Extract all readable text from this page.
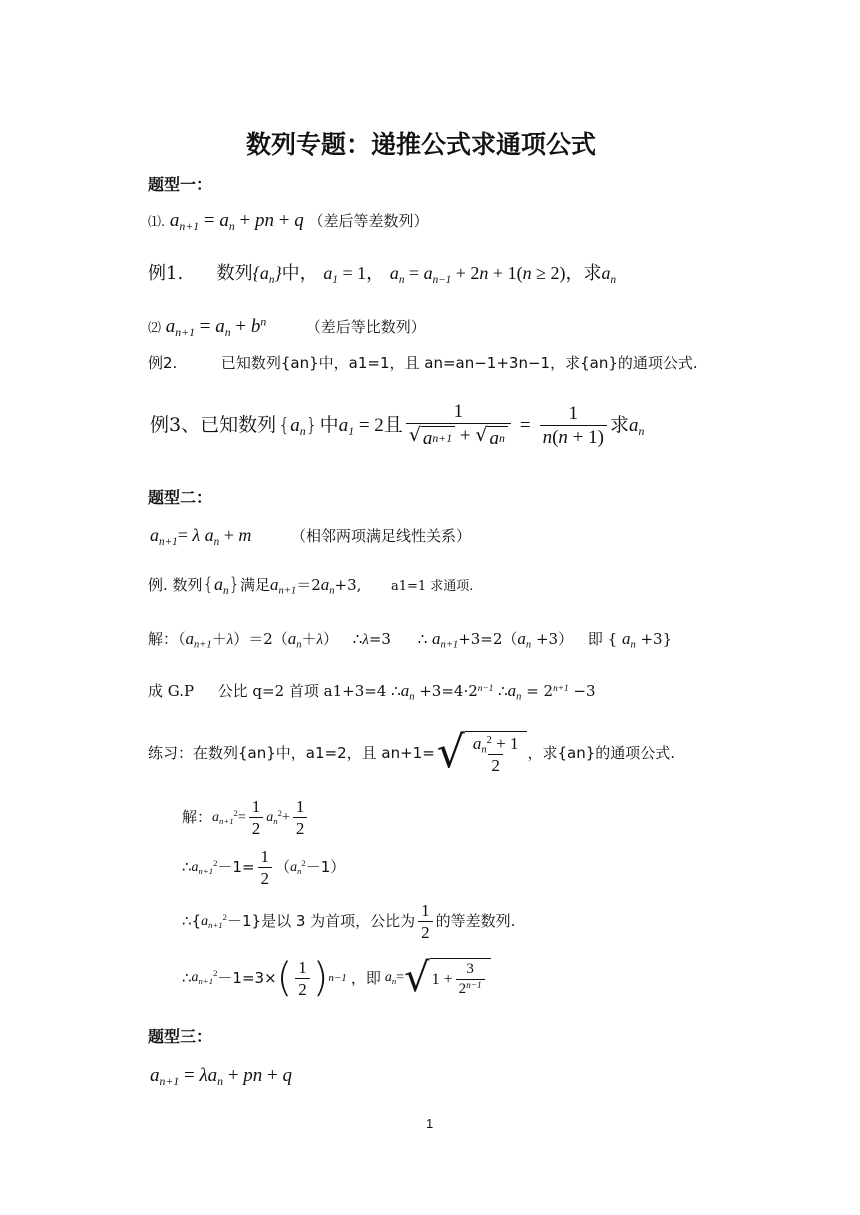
数列专题：递推公式求通项公式
题型一：
⑴. $a_{n+1} = a_n$ + pn + q （差后等差数列）
例1. 数列$\{a_n\}$中， $a_1 = 1$， $a_n = a_{n-1} + 2n + 1(n \ge 2)$，求$a_n$
⑵ $a_{n+1} = a_n + b^n$	（差后等比数列）
例2.	已知数列{an}中，a1=1，且 an=an−1+3n−1，求{an}的通项公式.
例3、已知数列 $\{a_n\}$ 中 $a_1 = 2$ 且 $\frac{1}{\text{√ a n+1 + √ a n}} = \frac{1}{n(n + 1)}$ 求 $a_n$
题型二：
$a_{n+1}= \lambda$ $a_n + m$	（相邻两项满足线性关系）
例. 数列$\{a_n\}$满足$a_{n+1}=2a_n+3$, a1=1 求通项.
解：$(a_{n+1}+\lambda)=2(a_n+\lambda)$ ∴λ=3 ∴ $a_{n+1}+3=2(a_n +3)$ 即 { $a_n +3$}
成 G.P 公比 q=2 首项 a1+3=4 $\therefore a_n +3=4\cdot 2^{n-1}$ $\therefore a_n = 2^{n+1} -3$
练习：在数列{an}中，a1=2，且 an+1= √ $\frac{a_n^2 + 1}{2}$ ，求{an}的通项公式.
解： $a_{n+1}^2= \frac{1}{2} a_n^2+ \frac{1}{2}$
∴ $a_{n+1}^2 -1= \frac{1}{2}$ （ $a_n^2 -1$）
∴{ $a_{n+1}^2 -1$} 是以 3 为首项，公比为 $\frac{1}{2}$ 的等差数列.
∴ $a_{n+1}^2 -1=3\times$ ( $\frac{1}{2}$ ) n−1 ，即 $a_n=$ √ $1 + \frac{3}{2^{n-1}}$
题型三：
$a_{n+1} = \lambda a_n$ + pn + q
1
